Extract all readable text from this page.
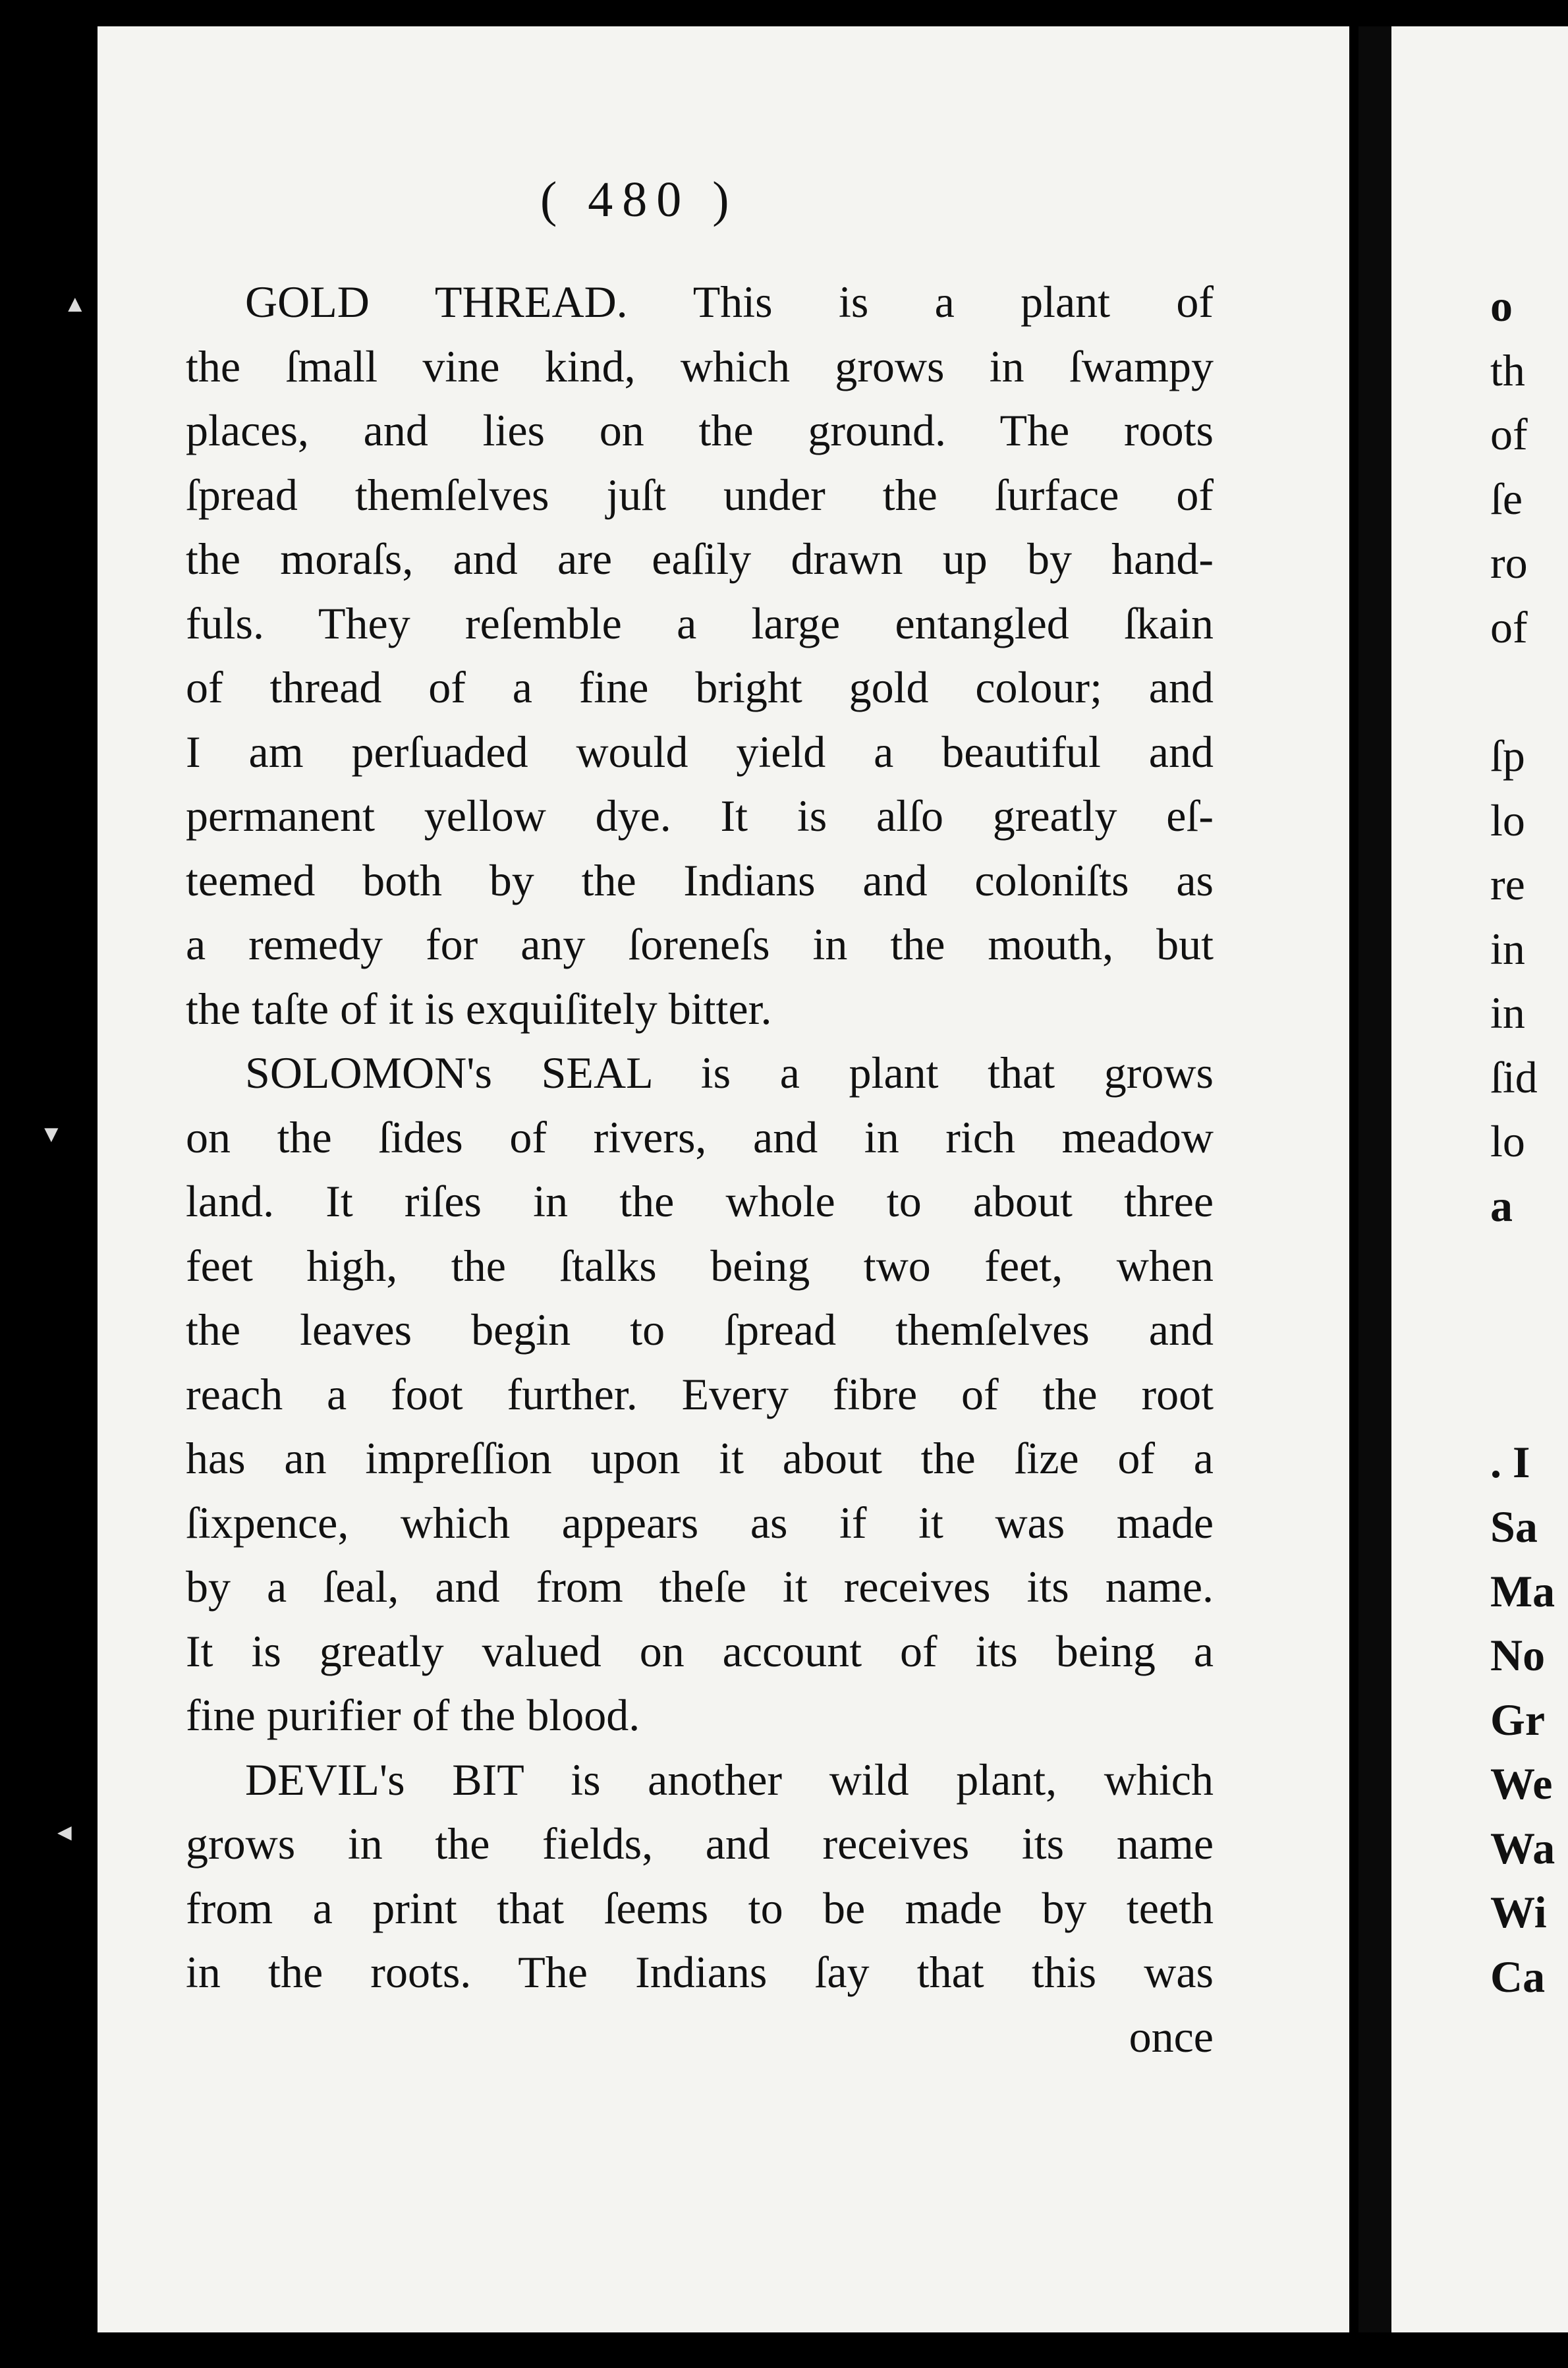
( 480 )
GOLD THREAD. This is a plant of
the ſmall vine kind, which grows in ſwampy
places, and lies on the ground. The roots
ſpread themſelves juſt under the ſurface of
the moraſs, and are eaſily drawn up by hand-
fuls. They reſemble a large entangled ſkain
of thread of a fine bright gold colour; and
I am perſuaded would yield a beautiful and
permanent yellow dye. It is alſo greatly eſ-
teemed both by the Indians and coloniſts as
a remedy for any ſoreneſs in the mouth, but
the taſte of it is exquiſitely bitter.
SOLOMON's SEAL is a plant that grows
on the ſides of rivers, and in rich meadow
land. It riſes in the whole to about three
feet high, the ſtalks being two feet, when
the leaves begin to ſpread themſelves and
reach a foot further. Every fibre of the root
has an impreſſion upon it about the ſize of a
ſixpence, which appears as if it was made
by a ſeal, and from theſe it receives its name.
It is greatly valued on account of its being a
fine purifier of the blood.
DEVIL's BIT is another wild plant, which
grows in the fields, and receives its name
from a print that ſeems to be made by teeth
in the roots. The Indians ſay that this was
once
o
th
of
ſe
ro
of
ſp
lo
re
in
in
ſid
lo
a
. I
Sa
Ma
No
Gr
We
Wa
Wi
Ca
▲
▼
◄
